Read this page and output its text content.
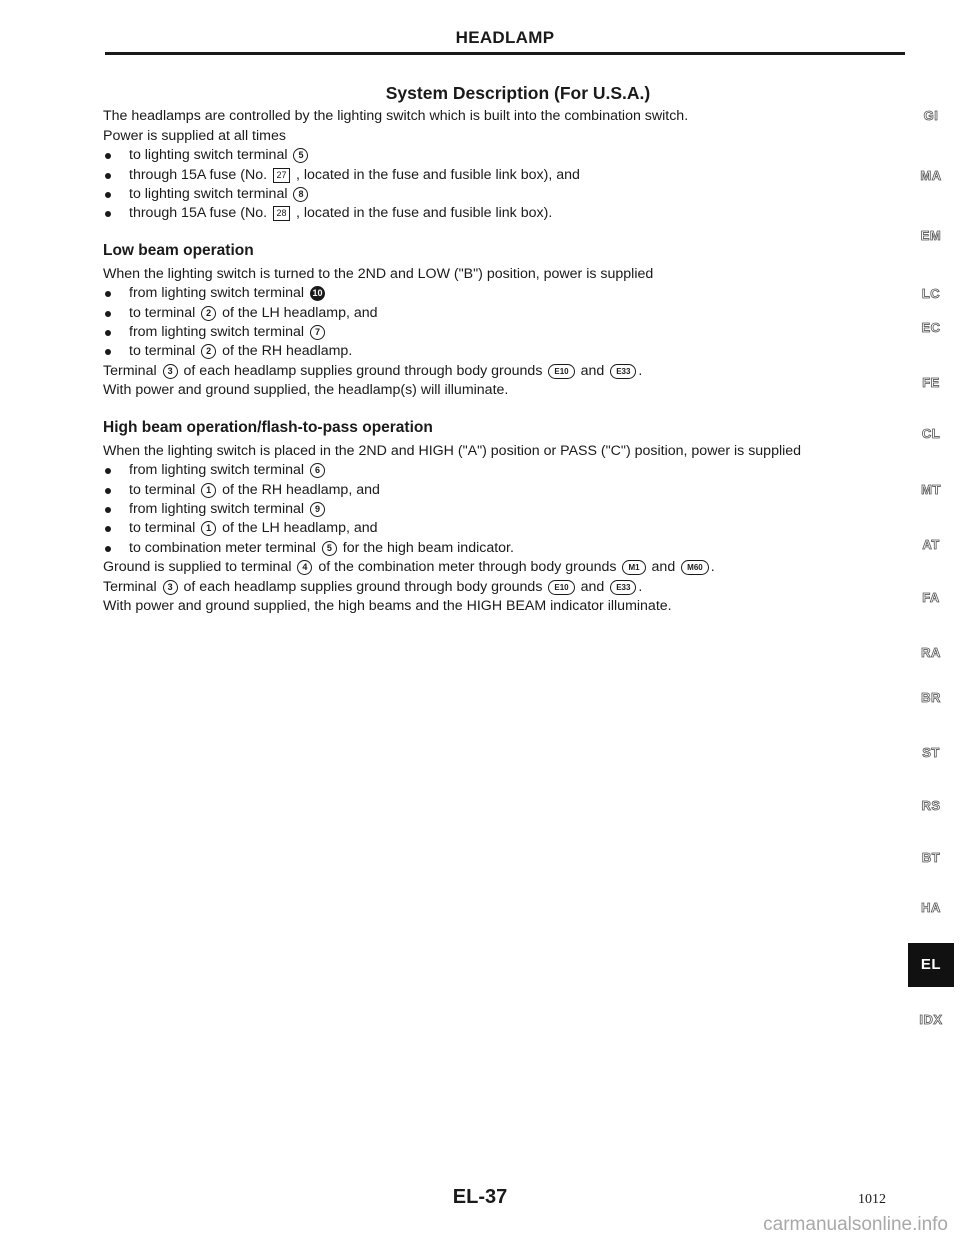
HEADLAMP
System Description (For U.S.A.)
The headlamps are controlled by the lighting switch which is built into the combination switch.
Power is supplied at all times
to lighting switch terminal 5
through 15A fuse (No. 27 , located in the fuse and fusible link box), and
to lighting switch terminal 8
through 15A fuse (No. 28 , located in the fuse and fusible link box).
Low beam operation
When the lighting switch is turned to the 2ND and LOW ("B") position, power is supplied
from lighting switch terminal 10
to terminal 2 of the LH headlamp, and
from lighting switch terminal 7
to terminal 2 of the RH headlamp.
Terminal 3 of each headlamp supplies ground through body grounds E10 and E33 .
With power and ground supplied, the headlamp(s) will illuminate.
High beam operation/flash-to-pass operation
When the lighting switch is placed in the 2ND and HIGH ("A") position or PASS ("C") position, power is supplied
from lighting switch terminal 6
to terminal 1 of the RH headlamp, and
from lighting switch terminal 9
to terminal 1 of the LH headlamp, and
to combination meter terminal 5 for the high beam indicator.
Ground is supplied to terminal 4 of the combination meter through body grounds M1 and M60 .
Terminal 3 of each headlamp supplies ground through body grounds E10 and E33 .
With power and ground supplied, the high beams and the HIGH BEAM indicator illuminate.
GI
MA
EM
LC
EC
FE
CL
MT
AT
FA
RA
BR
ST
RS
BT
HA
EL
IDX
EL-37	1012
carmanualsonline.info
